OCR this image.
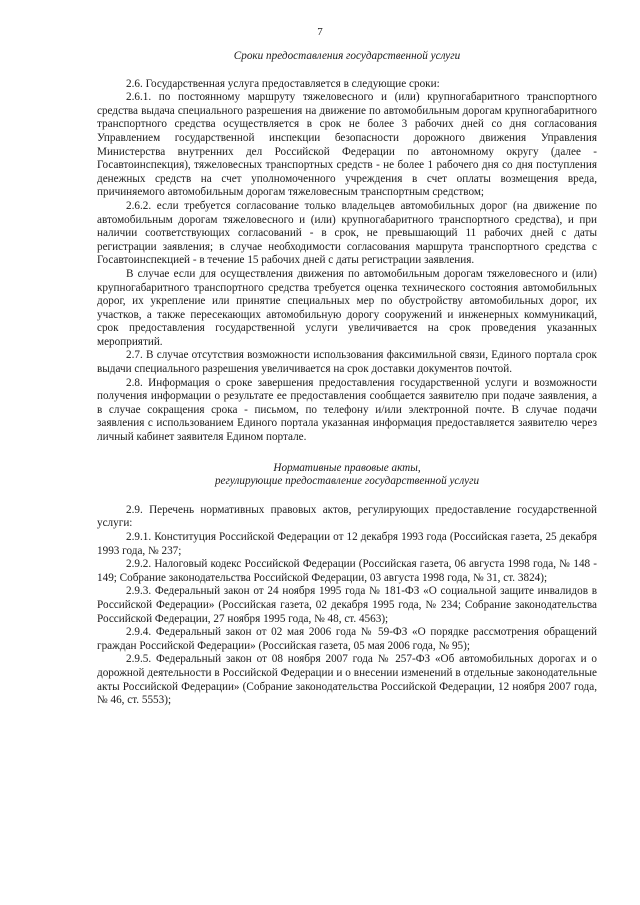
7

Сроки предоставления государственной услуги

2.6. Государственная услуга предоставляется в следующие сроки:

2.6.1. по постоянному маршруту тяжеловесного и (или) крупногабаритного транспортного средства выдача специального разрешения на движение по автомобильным дорогам крупногабаритного транспортного средства осуществляется в срок не более 3 рабочих дней со дня согласования Управлением государственной инспекции безопасности дорожного движения Управления Министерства внутренних дел Российской Федерации по автономному округу (далее - Госавтоинспекция), тяжеловесных транспортных средств - не более 1 рабочего дня со дня поступления денежных средств на счет уполномоченного учреждения в счет оплаты возмещения вреда, причиняемого автомобильным дорогам тяжеловесным транспортным средством;

2.6.2. если требуется согласование только владельцев автомобильных дорог (на движение по автомобильным дорогам тяжеловесного и (или) крупногабаритного транспортного средства), и при наличии соответствующих согласований - в срок, не превышающий 11 рабочих дней с даты регистрации заявления; в случае необходимости согласования маршрута транспортного средства с Госавтоинспекцией - в течение 15 рабочих дней с даты регистрации заявления.

В случае если для осуществления движения по автомобильным дорогам тяжеловесного и (или) крупногабаритного транспортного средства требуется оценка технического состояния автомобильных дорог, их укрепление или принятие специальных мер по обустройству автомобильных дорог, их участков, а также пересекающих автомобильную дорогу сооружений и инженерных коммуникаций, срок предоставления государственной услуги увеличивается на срок проведения указанных мероприятий.

2.7. В случае отсутствия возможности использования факсимильной связи, Единого портала срок выдачи специального разрешения увеличивается на срок доставки документов почтой.

2.8. Информация о сроке завершения предоставления государственной услуги и возможности получения информации о результате ее предоставления сообщается заявителю при подаче заявления, а в случае сокращения срока - письмом, по телефону и/или электронной почте. В случае подачи заявления с использованием Единого портала указанная информация предоставляется заявителю через личный кабинет заявителя Едином портале.

Нормативные правовые акты,
регулирующие предоставление государственной услуги

2.9. Перечень нормативных правовых актов, регулирующих предоставление государственной услуги:

2.9.1. Конституция Российской Федерации от 12 декабря 1993 года (Российская газета, 25 декабря 1993 года, № 237;

2.9.2. Налоговый кодекс Российской Федерации (Российская газета, 06 августа 1998 года, № 148 - 149; Собрание законодательства Российской Федерации, 03 августа 1998 года, № 31, ст. 3824);

2.9.3. Федеральный закон от 24 ноября 1995 года № 181-ФЗ «О социальной защите инвалидов в Российской Федерации» (Российская газета, 02 декабря 1995 года, № 234; Собрание законодательства Российской Федерации, 27 ноября 1995 года, № 48, ст. 4563);

2.9.4. Федеральный закон от 02 мая 2006 года № 59-ФЗ «О порядке рассмотрения обращений граждан Российской Федерации» (Российская газета, 05 мая 2006 года, № 95);

2.9.5. Федеральный закон от 08 ноября 2007 года № 257-ФЗ «Об автомобильных дорогах и о дорожной деятельности в Российской Федерации и о внесении изменений в отдельные законодательные акты Российской Федерации» (Собрание законодательства Российской Федерации, 12 ноября 2007 года, № 46, ст. 5553);
